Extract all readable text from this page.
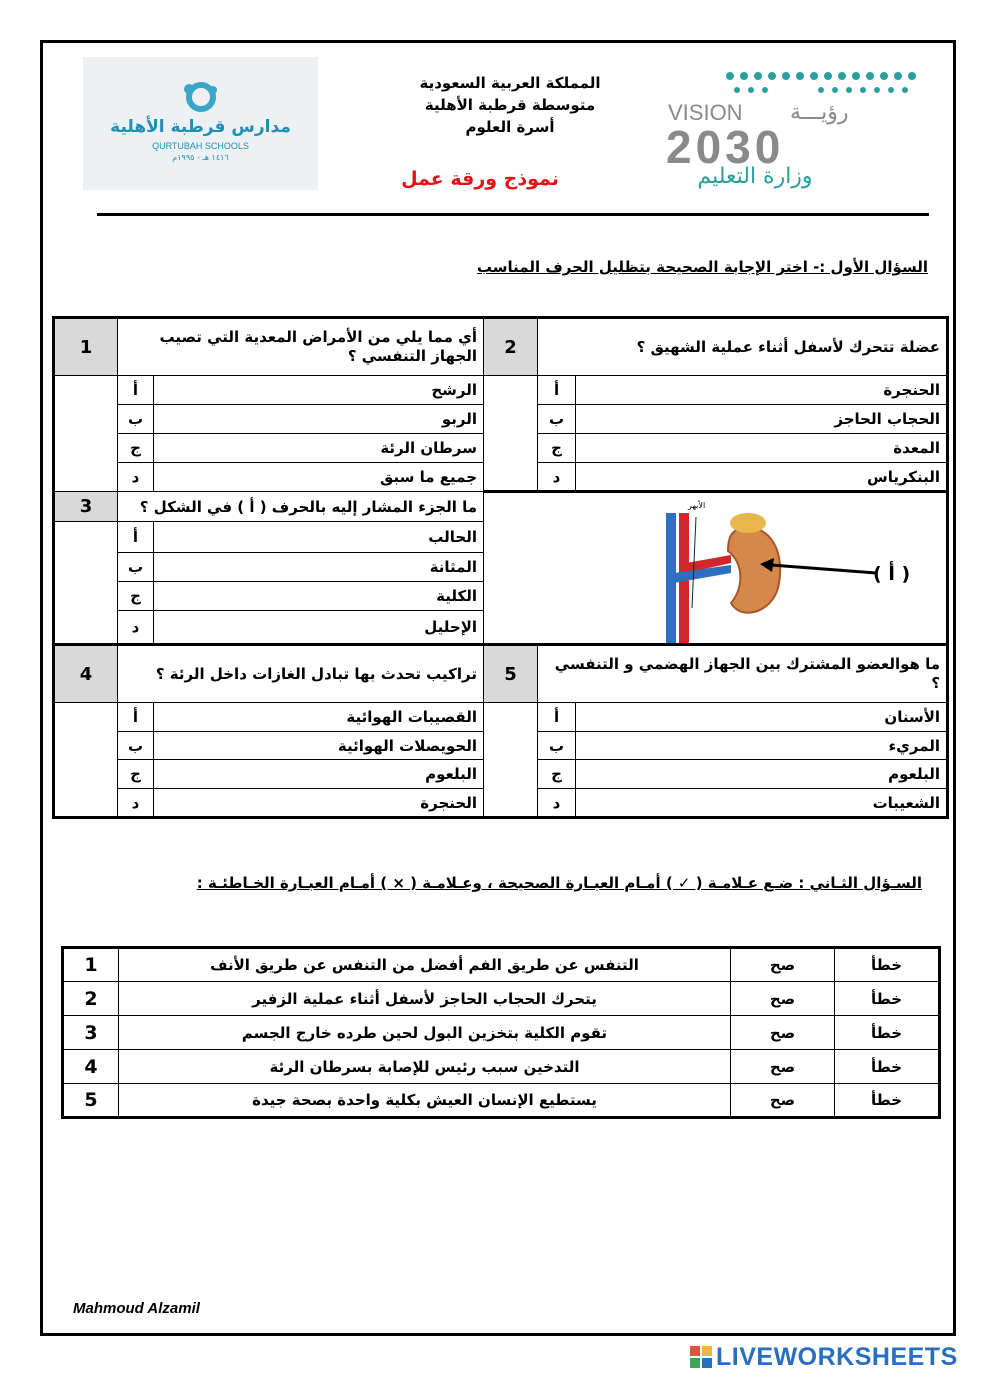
مدارس قرطبة الأهلية
QURTUBAH SCHOOLS
١٤١٦ هـ - ١٩٩٥م
المملكة العربية السعودية
متوسطة قرطبة الأهلية
أسرة العلوم
نموذج ورقة عمل
VISION رؤيـــة
2030
وزارة التعليم
السؤال الأول :- اختر الإجابة الصحيحة بتظليل الحرف المناسب
1	أي مما يلي من الأمراض المعدية التي تصيب الجهاز التنفسي ؟		2	عضلة تتحرك لأسفل أثناء عملية الشهيق ؟	
	أ	الرشح		أ	الحنجرة
	ب	الربو		ب	الحجاب الحاجز
	ج	سرطان الرئة		ج	المعدة
	د	جميع ما سبق		د	البنكرياس
3	ما الجزء المشار إليه بالحرف ( أ ) في الشكل ؟		الأبهر
( أ )		

	أ	الحالب			
	ب	المثانة			
	ج	الكلية			
	د	الإحليل			
4	تراكيب تحدث بها تبادل الغازات داخل الرئة ؟		5	ما هوالعضو المشترك بين الجهاز الهضمي و التنفسي ؟	
	أ	القصيبات الهوائية		أ	الأسنان
	ب	الحويصلات الهوائية		ب	المريء
	ج	البلعوم		ج	البلعوم
	د	الحنجرة		د	الشعيبات
السـؤال الثـاني : ضـع عـلامـة ( ✓ ) أمـام العبـارة الصحيحة ، وعـلامـة ( × ) أمـام العبـارة الخـاطئـة :
1	التنفس عن طريق الفم أفضل من التنفس عن طريق الأنف	صح	خطأ
2	يتحرك الحجاب الحاجز لأسفل أثناء عملية الزفير	صح	خطأ
3	تقوم الكلية بتخزين البول لحين طرده خارج الجسم	صح	خطأ
4	التدخين سبب رئيس للإصابة بسرطان الرئة	صح	خطأ
5	يستطيع الإنسان العيش بكلية واحدة بصحة جيدة	صح	خطأ
Mahmoud Alzamil
LIVEWORKSHEETS
